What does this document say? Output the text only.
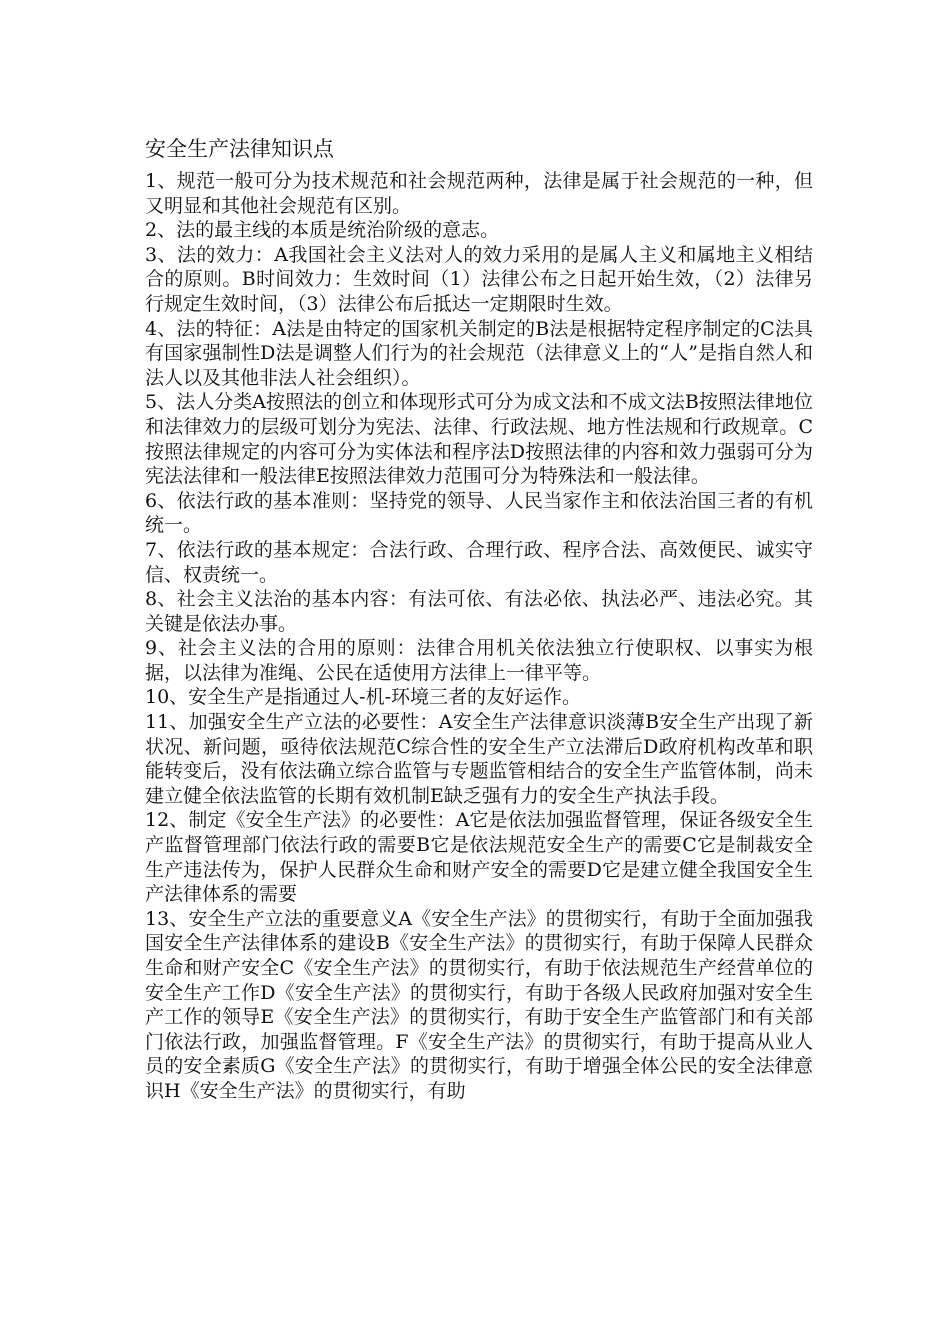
安全生产法律知识点

1、规范一般可分为技术规范和社会规范两种，法律是属于社会规范的一种，但又明显和其他社会规范有区别。

2、法的最主线的本质是统治阶级的意志。

3、法的效力：A我国社会主义法对人的效力采用的是属人主义和属地主义相结合的原则。B时间效力：生效时间（1）法律公布之日起开始生效，（2）法律另行规定生效时间，（3）法律公布后抵达一定期限时生效。

4、法的特征：A法是由特定的国家机关制定的B法是根据特定程序制定的C法具有国家强制性D法是调整人们行为的社会规范（法律意义上的“人”是指自然人和法人以及其他非法人社会组织）。

5、法人分类A按照法的创立和体现形式可分为成文法和不成文法B按照法律地位和法律效力的层级可划分为宪法、法律、行政法规、地方性法规和行政规章。C按照法律规定的内容可分为实体法和程序法D按照法律的内容和效力强弱可分为宪法法律和一般法律E按照法律效力范围可分为特殊法和一般法律。

6、依法行政的基本准则：坚持党的领导、人民当家作主和依法治国三者的有机统一。

7、依法行政的基本规定：合法行政、合理行政、程序合法、高效便民、诚实守信、权责统一。

8、社会主义法治的基本内容：有法可依、有法必依、执法必严、违法必究。其关键是依法办事。

9、社会主义法的合用的原则：法律合用机关依法独立行使职权、以事实为根据，以法律为准绳、公民在适使用方法律上一律平等。

10、安全生产是指通过人-机-环境三者的友好运作。

11、加强安全生产立法的必要性：A安全生产法律意识淡薄B安全生产出现了新状况、新问题，亟待依法规范C综合性的安全生产立法滞后D政府机构改革和职能转变后，没有依法确立综合监管与专题监管相结合的安全生产监管体制，尚未建立健全依法监管的长期有效机制E缺乏强有力的安全生产执法手段。

12、制定《安全生产法》的必要性：A它是依法加强监督管理，保证各级安全生产监督管理部门依法行政的需要B它是依法规范安全生产的需要C它是制裁安全生产违法传为，保护人民群众生命和财产安全的需要D它是建立健全我国安全生产法律体系的需要

13、安全生产立法的重要意义A《安全生产法》的贯彻实行，有助于全面加强我国安全生产法律体系的建设B《安全生产法》的贯彻实行，有助于保障人民群众生命和财产安全C《安全生产法》的贯彻实行，有助于依法规范生产经营单位的安全生产工作D《安全生产法》的贯彻实行，有助于各级人民政府加强对安全生产工作的领导E《安全生产法》的贯彻实行，有助于安全生产监管部门和有关部门依法行政，加强监督管理。F《安全生产法》的贯彻实行，有助于提高从业人员的安全素质G《安全生产法》的贯彻实行，有助于增强全体公民的安全法律意识H《安全生产法》的贯彻实行，有助
